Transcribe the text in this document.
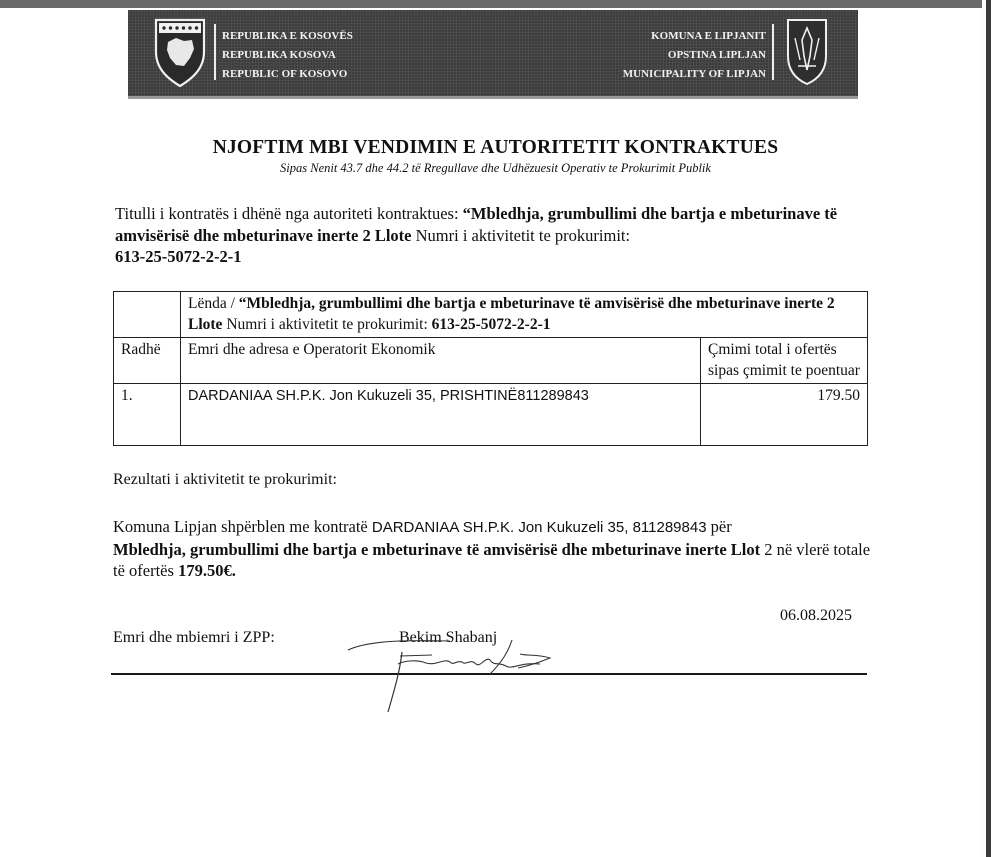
REPUBLIKA E KOSOVËS
REPUBLIKA KOSOVA
REPUBLIC OF KOSOVO
KOMUNA E LIPJANIT
OPSTINA LIPLJAN
MUNICIPALITY OF LIPJAN
NJOFTIM MBI VENDIMIN E AUTORITETIT KONTRAKTUES
Sipas Nenit 43.7 dhe 44.2 të Rregullave dhe Udhëzuesit Operativ te Prokurimit Publik
Titulli i kontratës i dhënë nga autoriteti kontraktues: “Mbledhja, grumbullimi dhe bartja e mbeturinave të amvisërisë dhe mbeturinave inerte 2 Llote Numri i aktivitetit te prokurimit:
613-25-5072-2-2-1
	Lënda / “Mbledhja, grumbullimi dhe bartja e mbeturinave të amvisërisë dhe mbeturinave inerte 2 Llote Numri i aktivitetit te prokurimit: 613-25-5072-2-2-1	
Radhë	Emri dhe adresa e Operatorit Ekonomik	Çmimi total i ofertës sipas çmimit te poentuar
1.	DARDANIAA SH.P.K. Jon Kukuzeli 35, PRISHTINË811289843	179.50
Rezultati i aktivitetit te prokurimit:
Komuna Lipjan shpërblen me kontratë DARDANIAA SH.P.K. Jon Kukuzeli 35, 811289843 për
Mbledhja, grumbullimi dhe bartja e mbeturinave të amvisërisë dhe mbeturinave inerte Llot 2 në vlerë totale të ofertës 179.50€.
06.08.2025
Emri dhe mbiemri i ZPP:	Bekim Shabanj
